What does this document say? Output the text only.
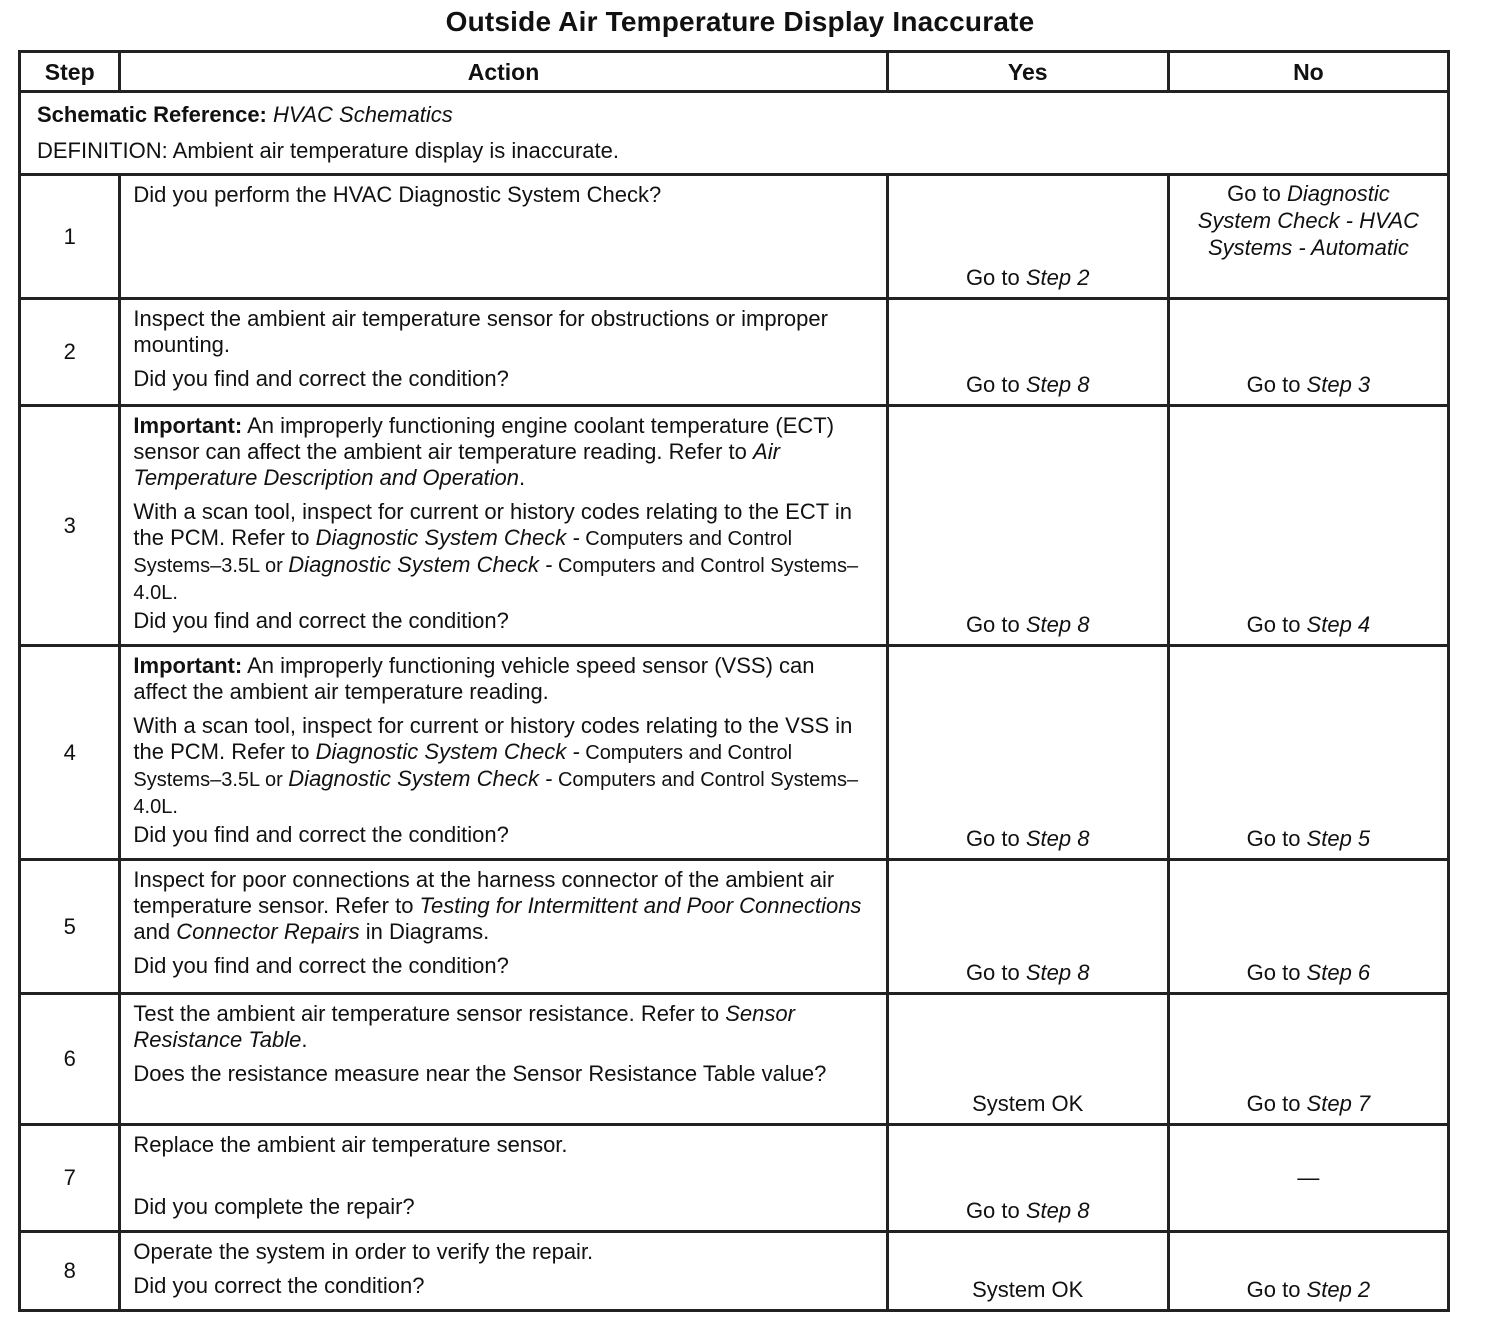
Outside Air Temperature Display Inaccurate
Step	Action	Yes	No

Schematic Reference: HVAC Schematics
DEFINITION: Ambient air temperature display is inaccurate.			

1	Did you perform the HVAC Diagnostic System Check?	Go to Step 2	Go to Diagnostic System Check - HVAC Systems - Automatic

2	Inspect the ambient air temperature sensor for obstructions or improper mounting.

Did you find and correct the condition?	Go to Step 8	Go to Step 3

3	Important: An improperly functioning engine coolant temperature (ECT) sensor can affect the ambient air temperature reading. Refer to Air Temperature Description and Operation.

With a scan tool, inspect for current or history codes relating to the ECT in the PCM. Refer to Diagnostic System Check - Computers and Control Systems–3.5L or Diagnostic System Check - Computers and Control Systems–4.0L.

Did you find and correct the condition?	Go to Step 8	Go to Step 4

4	Important: An improperly functioning vehicle speed sensor (VSS) can affect the ambient air temperature reading.

With a scan tool, inspect for current or history codes relating to the VSS in the PCM. Refer to Diagnostic System Check - Computers and Control Systems–3.5L or Diagnostic System Check - Computers and Control Systems–4.0L.

Did you find and correct the condition?	Go to Step 8	Go to Step 5

5	Inspect for poor connections at the harness connector of the ambient air temperature sensor. Refer to Testing for Intermittent and Poor Connections and Connector Repairs in Diagrams.

Did you find and correct the condition?	Go to Step 8	Go to Step 6

6	Test the ambient air temperature sensor resistance. Refer to Sensor Resistance Table.

Does the resistance measure near the Sensor Resistance Table value?	System OK	Go to Step 7

7	Replace the ambient air temperature sensor.

Did you complete the repair?	Go to Step 8	—

8	Operate the system in order to verify the repair.

Did you correct the condition?	System OK	Go to Step 2
